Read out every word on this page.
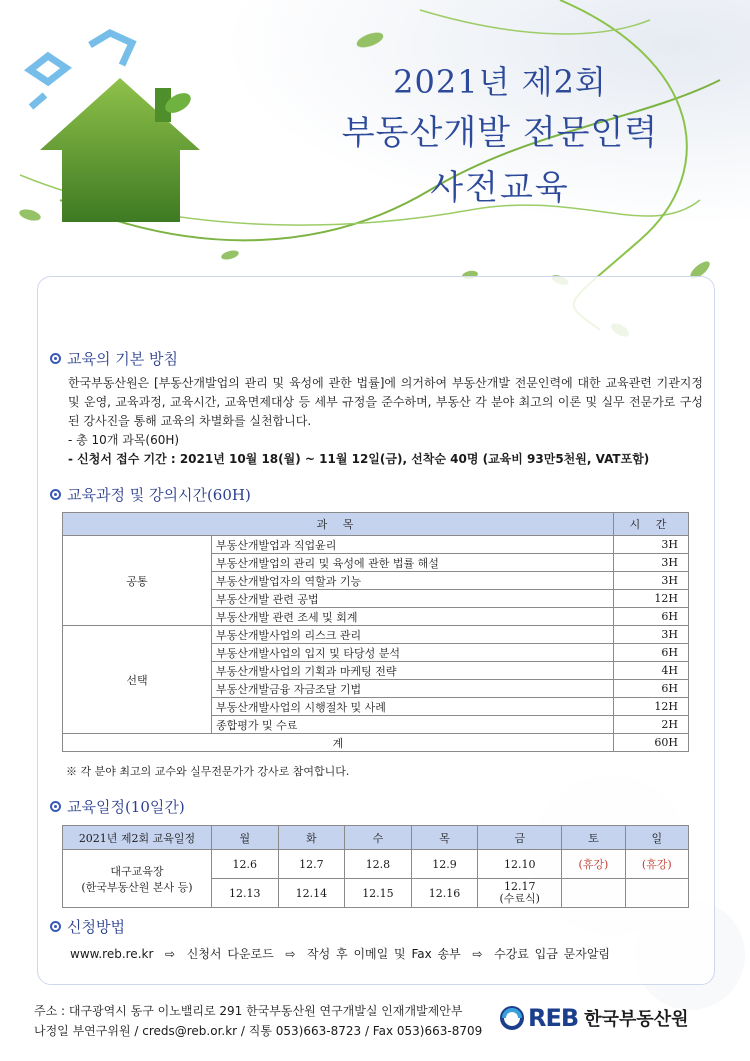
2021년 제2회
부동산개발 전문인력
사전교육
교육의 기본 방침

한국부동산원은 [부동산개발업의 관리 및 육성에 관한 법률]에 의거하여 부동산개발 전문인력에 대한 교육관련 기관지정 및 운영, 교육과정, 교육시간, 교육면제대상 등 세부 규정을 준수하며, 부동산 각 분야 최고의 이론 및 실무 전문가로 구성된 강사진을 통해 교육의 차별화를 실천합니다.

- 총 10개 과목(60H)

- 신청서 접수 기간 : 2021년 10월 18(월) ~ 11월 12일(금), 선착순 40명 (교육비 93만5천원, VAT포함)

교육과정 및 강의시간(60H)
과 목		시 간
공통	부동산개발업과 직업윤리	3H
	부동산개발업의 관리 및 육성에 관한 법률 해설	3H
	부동산개발업자의 역할과 기능	3H
	부동산개발 관련 공법	12H
	부동산개발 관련 조세 및 회계	6H
선택	부동산개발사업의 리스크 관리	3H
	부동산개발사업의 입지 및 타당성 분석	6H
	부동산개발사업의 기획과 마케팅 전략	4H
	부동산개발금융 자금조달 기법	6H
	부동산개발사업의 시행절차 및 사례	12H
	종합평가 및 수료	2H
계		60H
※ 각 분야 최고의 교수와 실무전문가가 강사로 참여합니다.
교육일정(10일간)
2021년 제2회 교육일정	월	화	수	목	금	토	일

대구교육장
(한국부동산원 본사 등)	12.6	12.7	12.8	12.9	12.10	(휴강)	(휴강)
	12.13	12.14	12.15	12.16	12.17
(수료식)		

신청방법
www.reb.re.kr ⇨ 신청서 다운로드 ⇨ 작성 후 이메일 및 Fax 송부 ⇨ 수강료 입금 문자알림
주소 : 대구광역시 동구 이노밸리로 291 한국부동산원 연구개발실 인재개발제안부
나정일 부연구위원 / creds@reb.or.kr / 직통 053)663-8723 / Fax 053)663-8709 REB 한국부동산원
